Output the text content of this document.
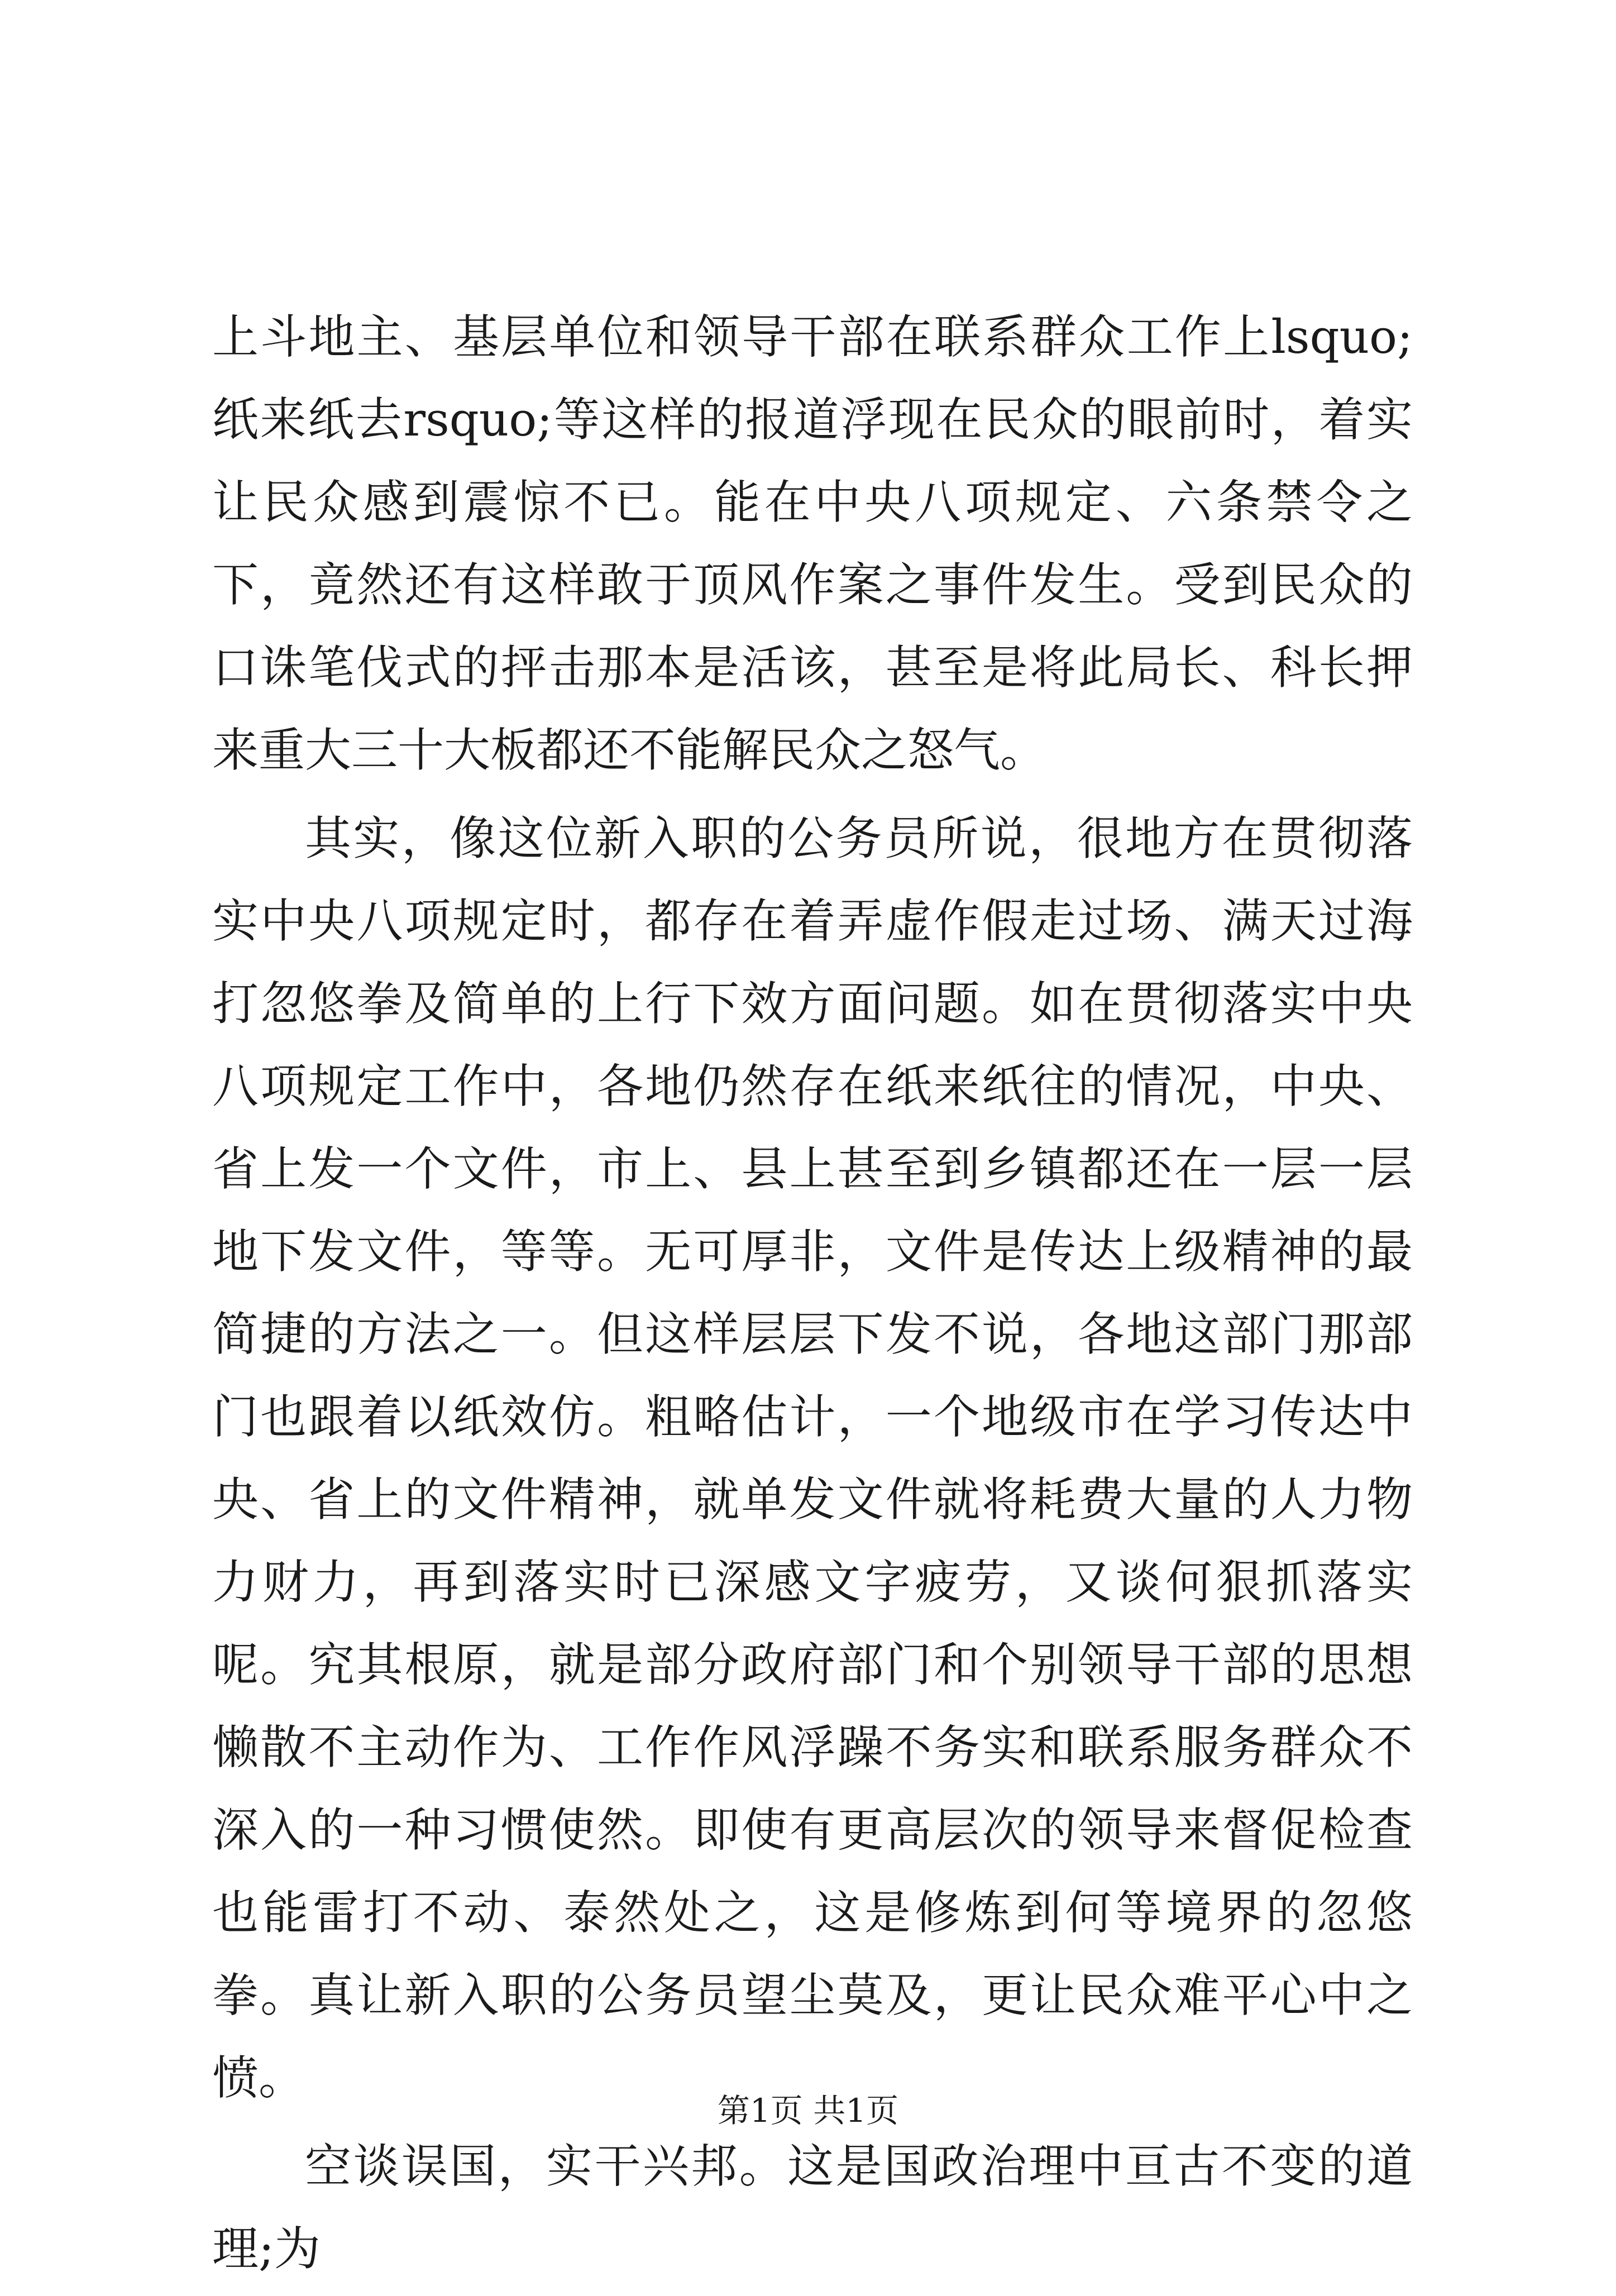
上斗地主、基层单位和领导干部在联系群众工作上lsquo;纸来纸去rsquo;等这样的报道浮现在民众的眼前时，着实让民众感到震惊不已。能在中央八项规定、六条禁令之下，竟然还有这样敢于顶风作案之事件发生。受到民众的口诛笔伐式的抨击那本是活该，甚至是将此局长、科长押来重大三十大板都还不能解民众之怒气。

其实，像这位新入职的公务员所说，很地方在贯彻落实中央八项规定时，都存在着弄虚作假走过场、满天过海打忽悠拳及简单的上行下效方面问题。如在贯彻落实中央八项规定工作中，各地仍然存在纸来纸往的情况，中央、省上发一个文件，市上、县上甚至到乡镇都还在一层一层地下发文件，等等。无可厚非，文件是传达上级精神的最简捷的方法之一。但这样层层下发不说，各地这部门那部门也跟着以纸效仿。粗略估计，一个地级市在学习传达中央、省上的文件精神，就单发文件就将耗费大量的人力物力财力，再到落实时已深感文字疲劳，又谈何狠抓落实呢。究其根原，就是部分政府部门和个别领导干部的思想懒散不主动作为、工作作风浮躁不务实和联系服务群众不深入的一种习惯使然。即使有更高层次的领导来督促检查也能雷打不动、泰然处之，这是修炼到何等境界的忽悠拳。真让新入职的公务员望尘莫及，更让民众难平心中之愤。

空谈误国，实干兴邦。这是国政治理中亘古不变的道理;为

第1页 共1页
